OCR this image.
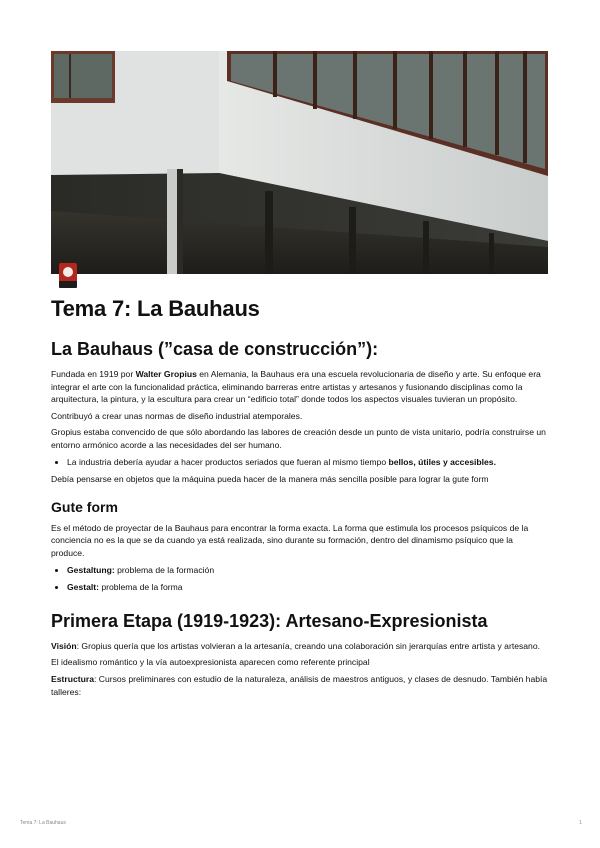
Tema 7: La Bauhaus
La Bauhaus (”casa de construcción”):

Fundada en 1919 por Walter Gropius en Alemania, la Bauhaus era una escuela revolucionaria de diseño y arte. Su enfoque era integrar el arte con la funcionalidad práctica, eliminando barreras entre artistas y artesanos y fusionando disciplinas como la arquitectura, la pintura, y la escultura para crear un “edificio total” donde todos los aspectos visuales tuvieran un propósito.

Contribuyó a crear unas normas de diseño industrial atemporales.

Gropius estaba convencido de que sólo abordando las labores de creación desde un punto de vista unitario, podría construirse un entorno armónico acorde a las necesidades del ser humano.

• La industria debería ayudar a hacer productos seriados que fueran al mismo tiempo bellos, útiles y accesibles.

Debía pensarse en objetos que la máquina pueda hacer de la manera más sencilla posible para lograr la gute form

Gute form

Es el método de proyectar de la Bauhaus para encontrar la forma exacta. La forma que estimula los procesos psíquicos de la conciencia no es la que se da cuando ya está realizada, sino durante su formación, dentro del dinamismo psíquico que la produce.

• Gestaltung: problema de la formación
• Gestalt: problema de la forma
Primera Etapa (1919-1923): Artesano-Expresionista

Visión: Gropius quería que los artistas volvieran a la artesanía, creando una colaboración sin jerarquías entre artista y artesano.

El idealismo romántico y la vía autoexpresionista aparecen como referente principal

Estructura: Cursos preliminares con estudio de la naturaleza, análisis de maestros antiguos, y clases de desnudo. También había talleres:

Tema 7: La Bauhaus	1
